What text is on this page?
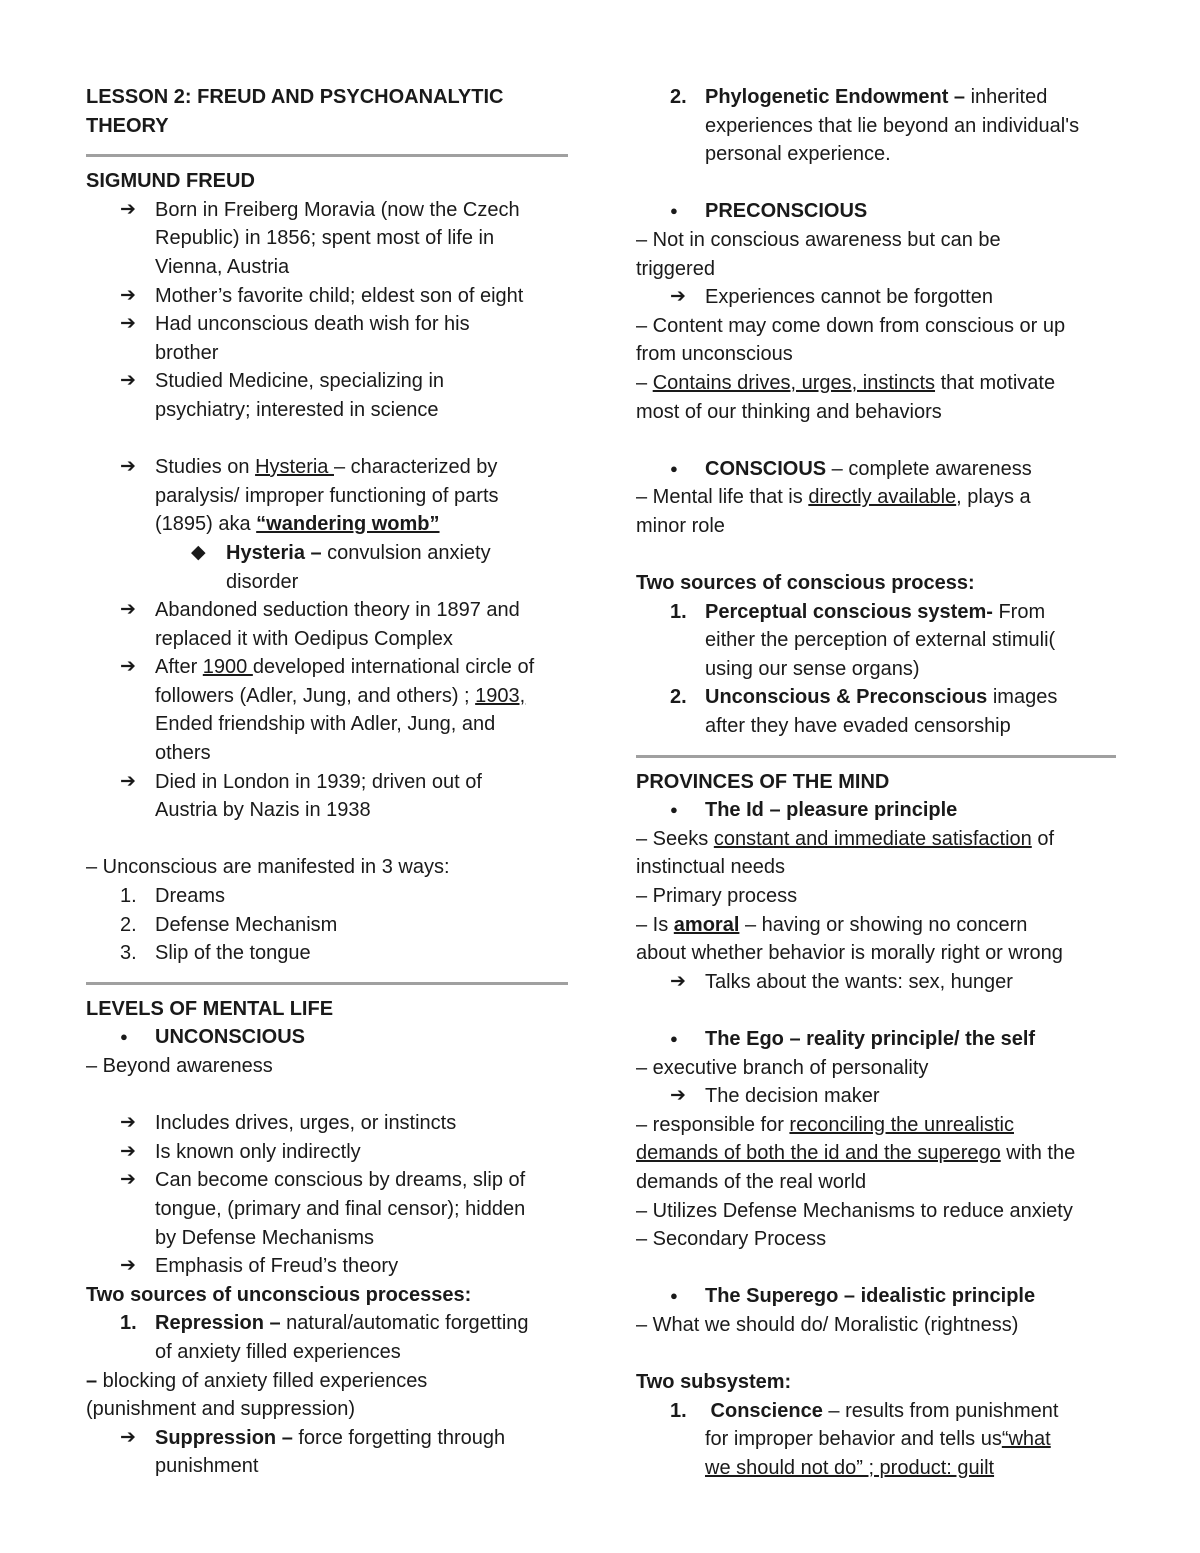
LESSON 2: FREUD AND PSYCHOANALYTIC THEORY
SIGMUND FREUD
➔ Born in Freiberg Moravia (now the Czech
Republic) in 1856; spent most of life in
Vienna, Austria
➔ Mother’s favorite child; eldest son of eight
➔ Had unconscious death wish for his
brother
➔ Studied Medicine, specializing in
psychiatry; interested in science
➔ Studies on Hysteria – characterized by
paralysis/ improper functioning of parts
(1895) aka “wandering womb”
◆	Hysteria – convulsion anxiety
disorder
➔ Abandoned seduction theory in 1897 and
replaced it with Oedipus Complex
➔ After 1900 developed international circle of
followers (Adler, Jung, and others) ; 1903,
Ended friendship with Adler, Jung, and
others
➔ Died in London in 1939; driven out of
Austria by Nazis in 1938
– Unconscious are manifested in 3 ways:
1. Dreams
2. Defense Mechanism
3. Slip of the tongue
LEVELS OF MENTAL LIFE
●	UNCONSCIOUS
– Beyond awareness
➔ Includes drives, urges, or instincts
➔ Is known only indirectly
➔ Can become conscious by dreams, slip of
tongue, (primary and final censor); hidden
by Defense Mechanisms
➔ Emphasis of Freud’s theory
Two sources of unconscious processes:
1. Repression – natural/automatic forgetting
of anxiety filled experiences
– blocking of anxiety filled experiences
(punishment and suppression)
➔ Suppression – force forgetting through
punishment
2. Phylogenetic Endowment – inherited
experiences that lie beyond an individual's
personal experience.
●	PRECONSCIOUS
– Not in conscious awareness but can be
triggered
➔ Experiences cannot be forgotten
– Content may come down from conscious or up
from unconscious
– Contains drives, urges, instincts that motivate
most of our thinking and behaviors
●	CONSCIOUS – complete awareness
– Mental life that is directly available, plays a
minor role
Two sources of conscious process:
1. Perceptual conscious system- From
either the perception of external stimuli(
using our sense organs)
2. Unconscious & Preconscious images
after they have evaded censorship
PROVINCES OF THE MIND
●	The Id – pleasure principle
– Seeks constant and immediate satisfaction of
instinctual needs
– Primary process
– Is amoral – having or showing no concern
about whether behavior is morally right or wrong
➔ Talks about the wants: sex, hunger
●	The Ego – reality principle/ the self
– executive branch of personality
➔ The decision maker
– responsible for reconciling the unrealistic
demands of both the id and the superego with the
demands of the real world
– Utilizes Defense Mechanisms to reduce anxiety
– Secondary Process
●	The Superego – idealistic principle
– What we should do/ Moralistic (rightness)
Two subsystem:
1. Conscience – results from punishment
for improper behavior and tells us“what
we should not do” ; product: guilt
